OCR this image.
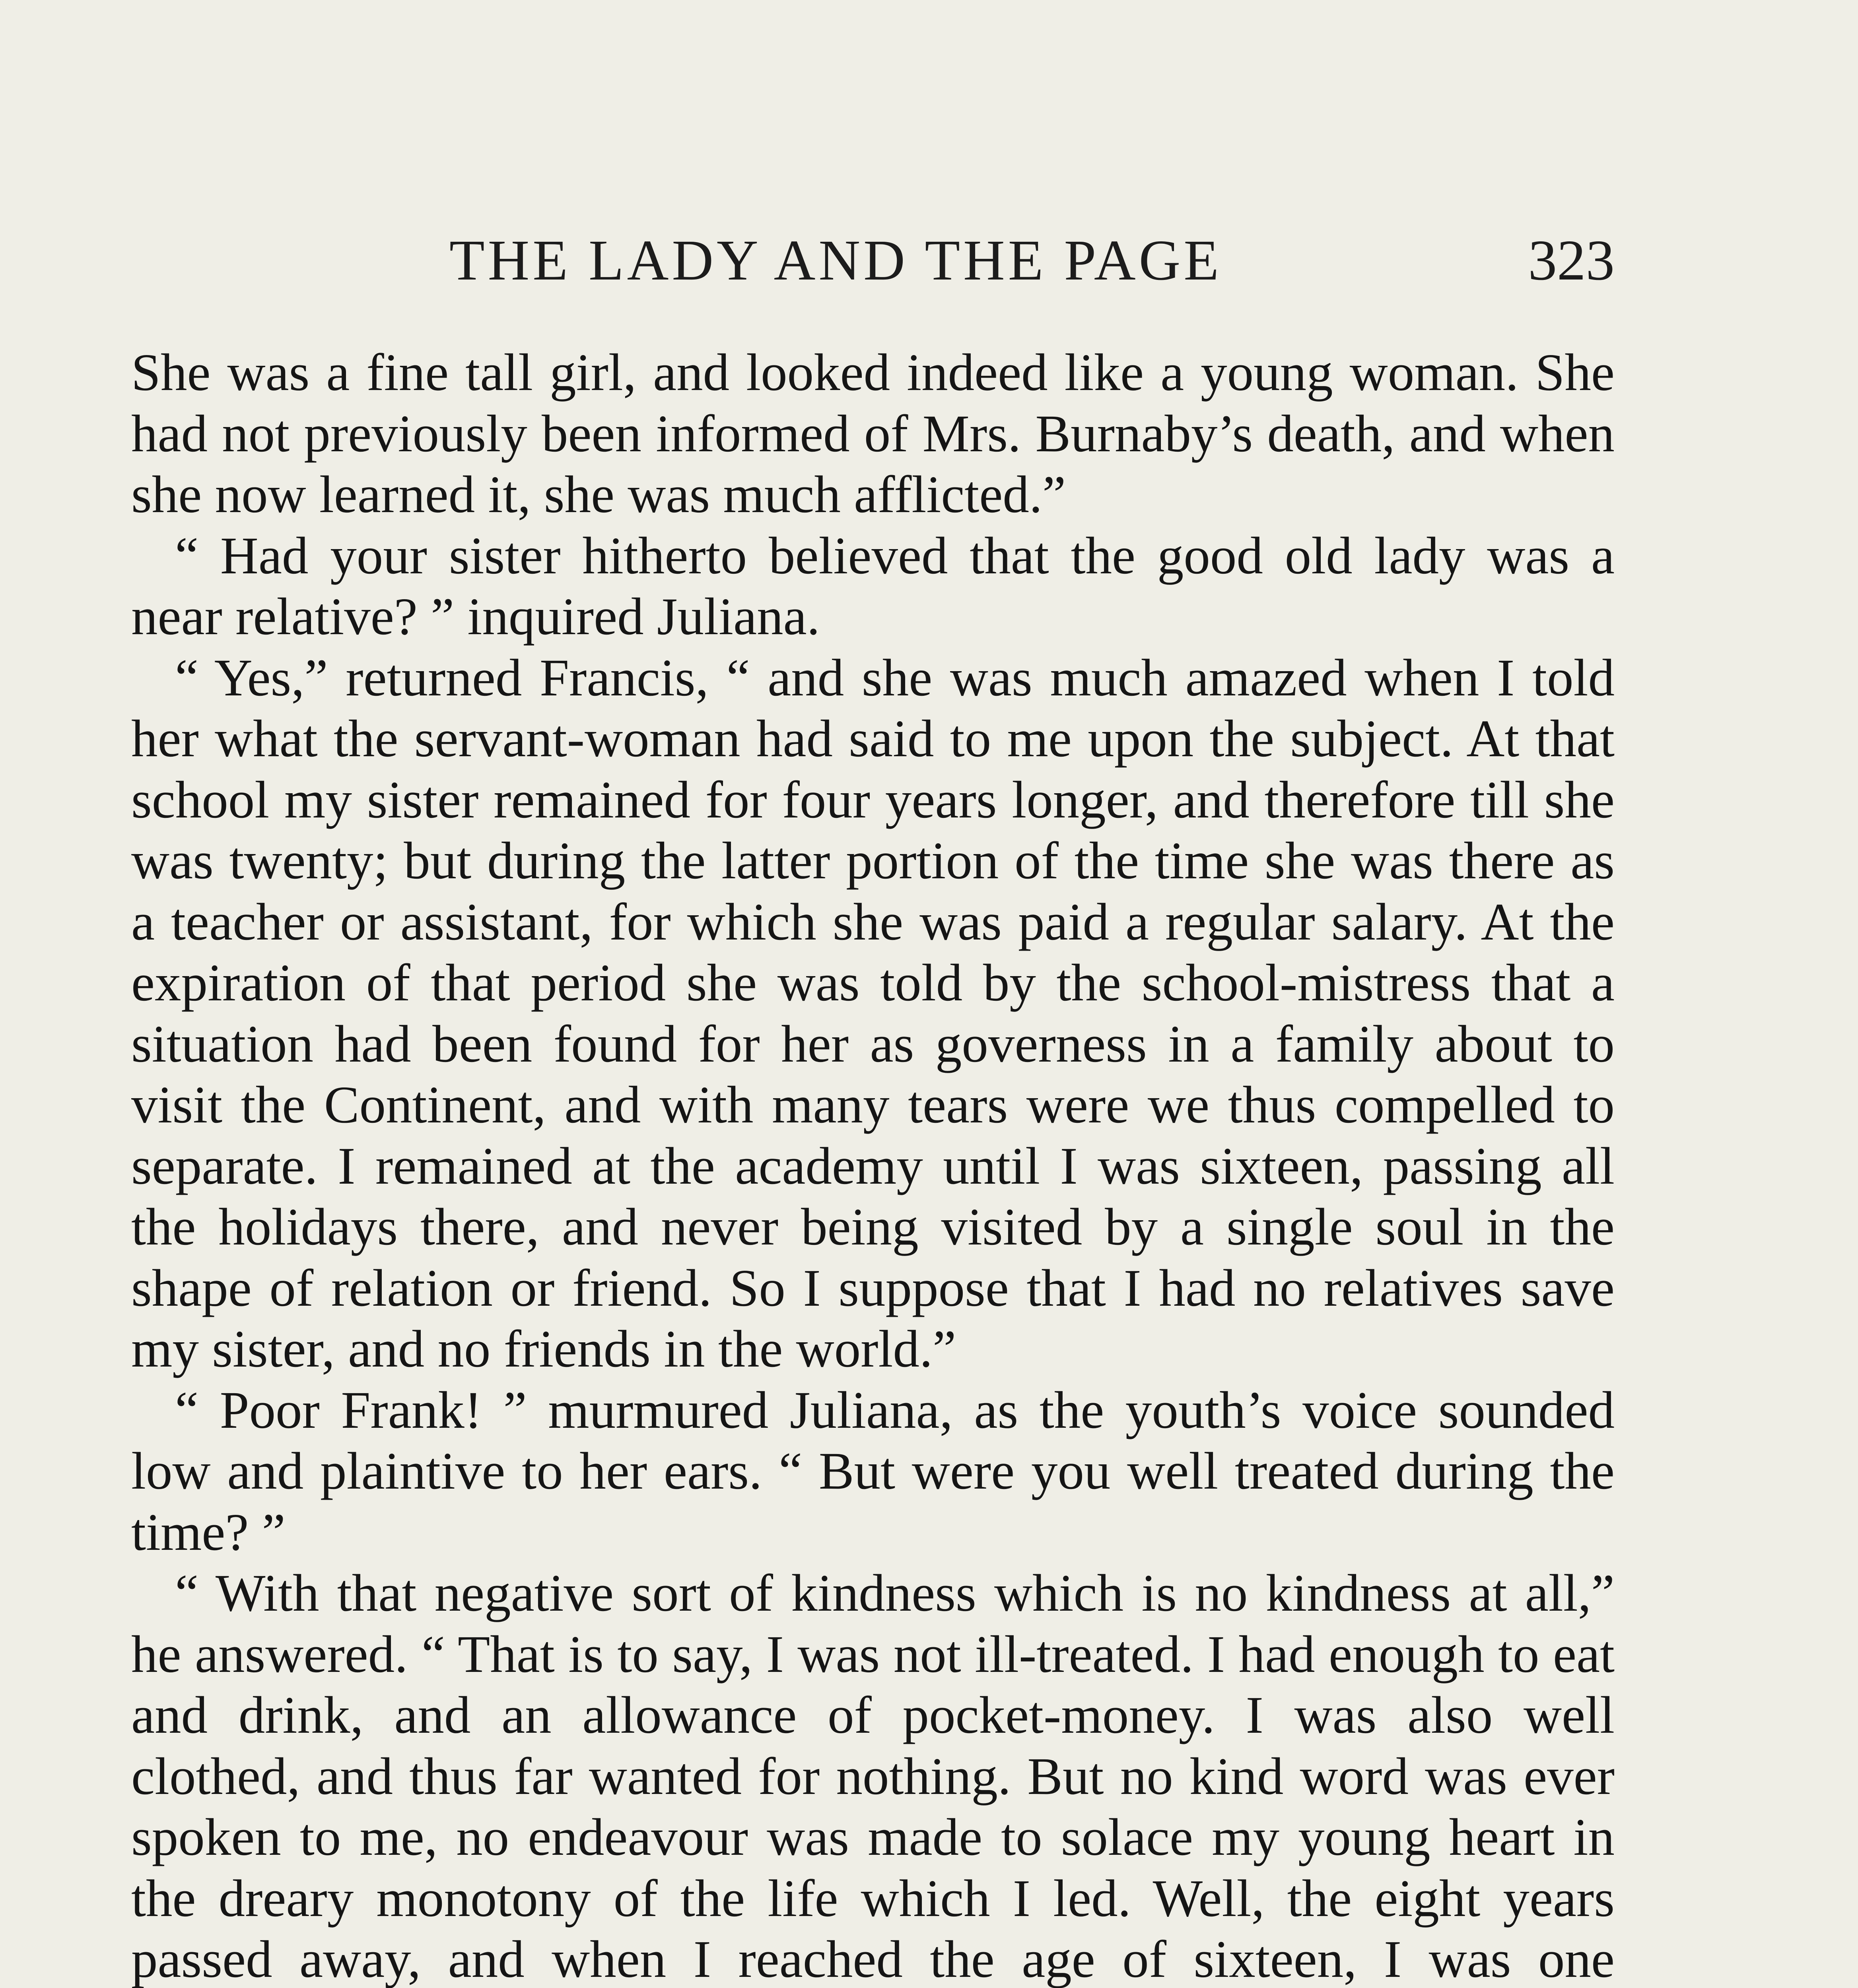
THE LADY AND THE PAGE	323

She was a fine tall girl, and looked indeed like a young woman. She had not previously been informed of Mrs. Burnaby’s death, and when she now learned it, she was much afflicted.”

“ Had your sister hitherto believed that the good old lady was a near relative? ” inquired Juliana.

“ Yes,” returned Francis, “ and she was much amazed when I told her what the servant-woman had said to me upon the subject. At that school my sister remained for four years longer, and therefore till she was twenty; but during the latter portion of the time she was there as a teacher or assistant, for which she was paid a regular salary. At the expiration of that period she was told by the school-mistress that a situation had been found for her as governess in a family about to visit the Continent, and with many tears were we thus compelled to separate. I remained at the academy until I was sixteen, passing all the holidays there, and never being visited by a single soul in the shape of relation or friend. So I suppose that I had no relatives save my sister, and no friends in the world.”

“ Poor Frank! ” murmured Juliana, as the youth’s voice sounded low and plaintive to her ears. “ But were you well treated during the time? ”

“ With that negative sort of kindness which is no kindness at all,” he answered. “ That is to say, I was not ill-treated. I had enough to eat and drink, and an allowance of pocket-money. I was also well clothed, and thus far wanted for nothing. But no kind word was ever spoken to me, no endeavour was made to solace my young heart in the dreary monotony of the life which I led. Well, the eight years passed away, and when I reached the age of sixteen, I was one
